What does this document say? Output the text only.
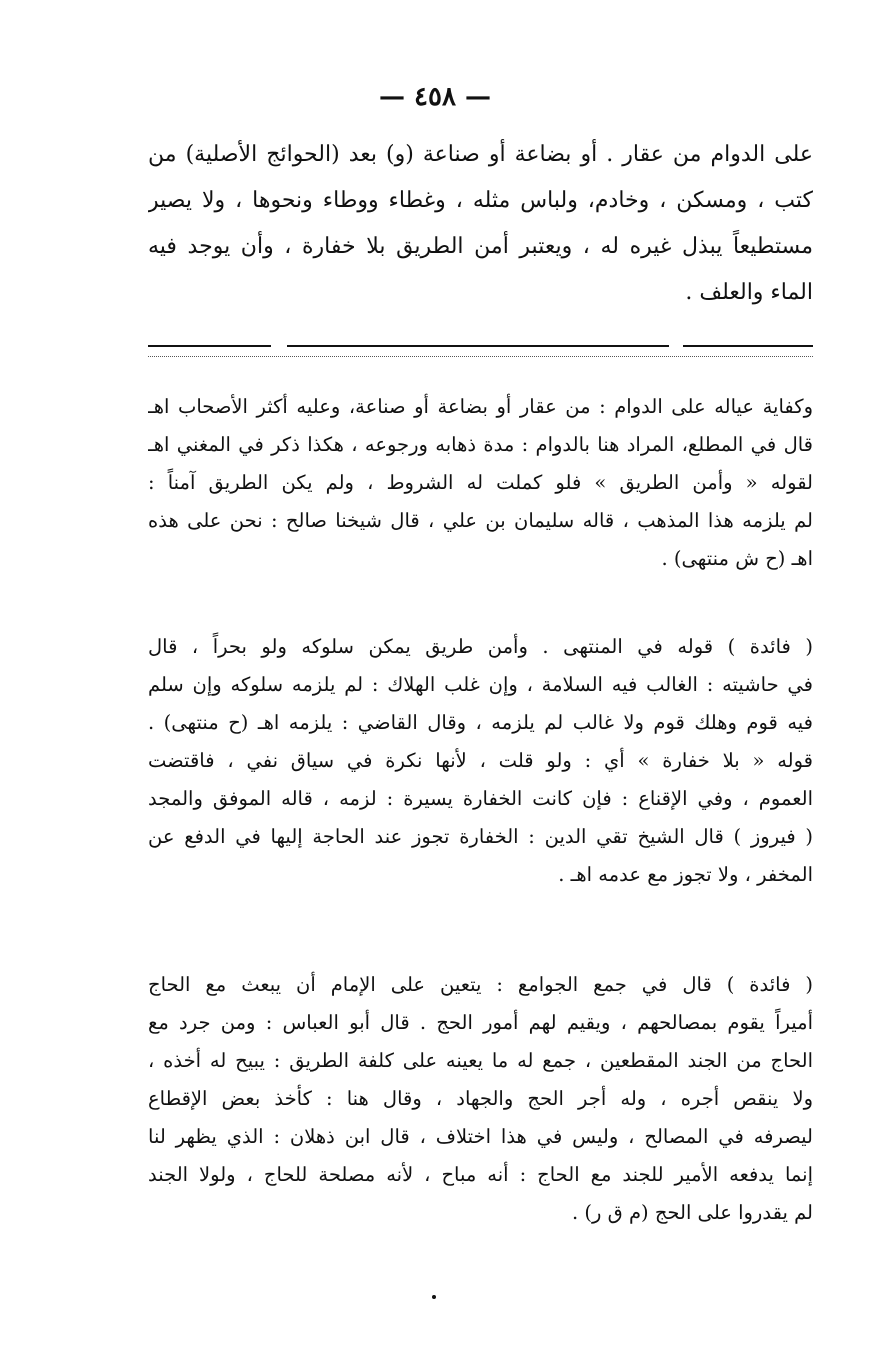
— ٤٥٨ —
على الدوام من عقار . أو بضاعة أو صناعة (و) بعد (الحوائج الأصلية) من
كتب ، ومسكن ، وخادم، ولباس مثله ، وغطاء ووطاء ونحوها ، ولا يصير
مستطيعاً يبذل غيره له ، ويعتبر أمن الطريق بلا خفارة ، وأن يوجد فيه
الماء والعلف .
وكفاية عياله على الدوام : من عقار أو بضاعة أو صناعة، وعليه أكثر الأصحاب اهـ
قال في المطلع، المراد هنا بالدوام : مدة ذهابه ورجوعه ، هكذا ذكر في المغني اهـ
لقوله « وأمن الطريق » فلو كملت له الشروط ، ولم يكن الطريق آمناً :
لم يلزمه هذا المذهب ، قاله سليمان بن علي ، قال شيخنا صالح : نحن على هذه
اهـ (ح ش منتهى) .
( فائدة ) قوله في المنتهى . وأمن طريق يمكن سلوكه ولو بحراً ، قال
في حاشيته : الغالب فيه السلامة ، وإن غلب الهلاك : لم يلزمه سلوكه وإن سلم
فيه قوم وهلك قوم ولا غالب لم يلزمه ، وقال القاضي : يلزمه اهـ (ح منتهى) .
قوله « بلا خفارة » أي : ولو قلت ، لأنها نكرة في سياق نفي ، فاقتضت
العموم ، وفي الإقناع : فإن كانت الخفارة يسيرة : لزمه ، قاله الموفق والمجد
( فيروز ) قال الشيخ تقي الدين : الخفارة تجوز عند الحاجة إليها في الدفع عن
المخفر ، ولا تجوز مع عدمه اهـ .
( فائدة ) قال في جمع الجوامع : يتعين على الإمام أن يبعث مع الحاج
أميراً يقوم بمصالحهم ، ويقيم لهم أمور الحج . قال أبو العباس : ومن جرد مع
الحاج من الجند المقطعين ، جمع له ما يعينه على كلفة الطريق : يبيح له أخذه ،
ولا ينقص أجره ، وله أجر الحج والجهاد ، وقال هنا : كأخذ بعض الإقطاع
ليصرفه في المصالح ، وليس في هذا اختلاف ، قال ابن ذهلان : الذي يظهر لنا
إنما يدفعه الأمير للجند مع الحاج : أنه مباح ، لأنه مصلحة للحاج ، ولولا الجند
لم يقدروا على الحج (م ق ر) .
